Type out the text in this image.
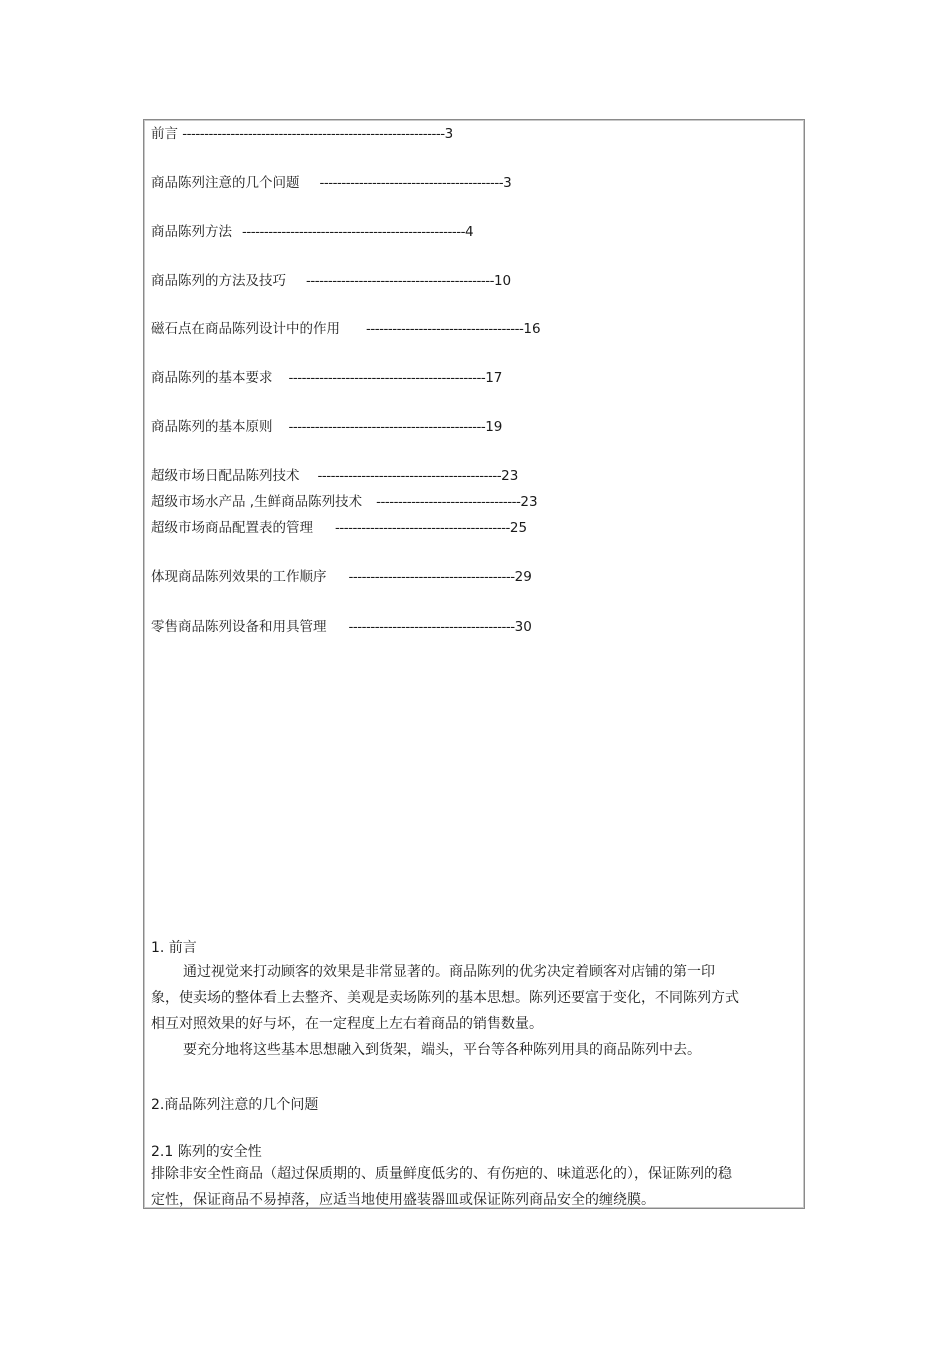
前言 ------------------------------------------------------------3
商品陈列注意的几个问题 ------------------------------------------3
商品陈列方法 ---------------------------------------------------4
商品陈列的方法及技巧 -------------------------------------------10
磁石点在商品陈列设计中的作用 ------------------------------------16
商品陈列的基本要求 ---------------------------------------------17
商品陈列的基本原则 ---------------------------------------------19
超级市场日配品陈列技术 ------------------------------------------23
超级市场水产品 ,生鲜商品陈列技术 ---------------------------------23
超级市场商品配置表的管理 ----------------------------------------25
体现商品陈列效果的工作顺序 --------------------------------------29
零售商品陈列设备和用具管理 --------------------------------------30
1. 前言

通过视觉来打动顾客的效果是非常显著的。商品陈列的优劣决定着顾客对店铺的第一印象，使卖场的整体看上去整齐、美观是卖场陈列的基本思想。陈列还要富于变化，不同陈列方式相互对照效果的好与坏，在一定程度上左右着商品的销售数量。

要充分地将这些基本思想融入到货架，端头，平台等各种陈列用具的商品陈列中去。

2.商品陈列注意的几个问题
2.1 陈列的安全性

排除非安全性商品（超过保质期的、质量鲜度低劣的、有伤疤的、味道恶化的），保证陈列的稳定性，保证商品不易掉落，应适当地使用盛装器皿或保证陈列商品安全的缠绕膜。
